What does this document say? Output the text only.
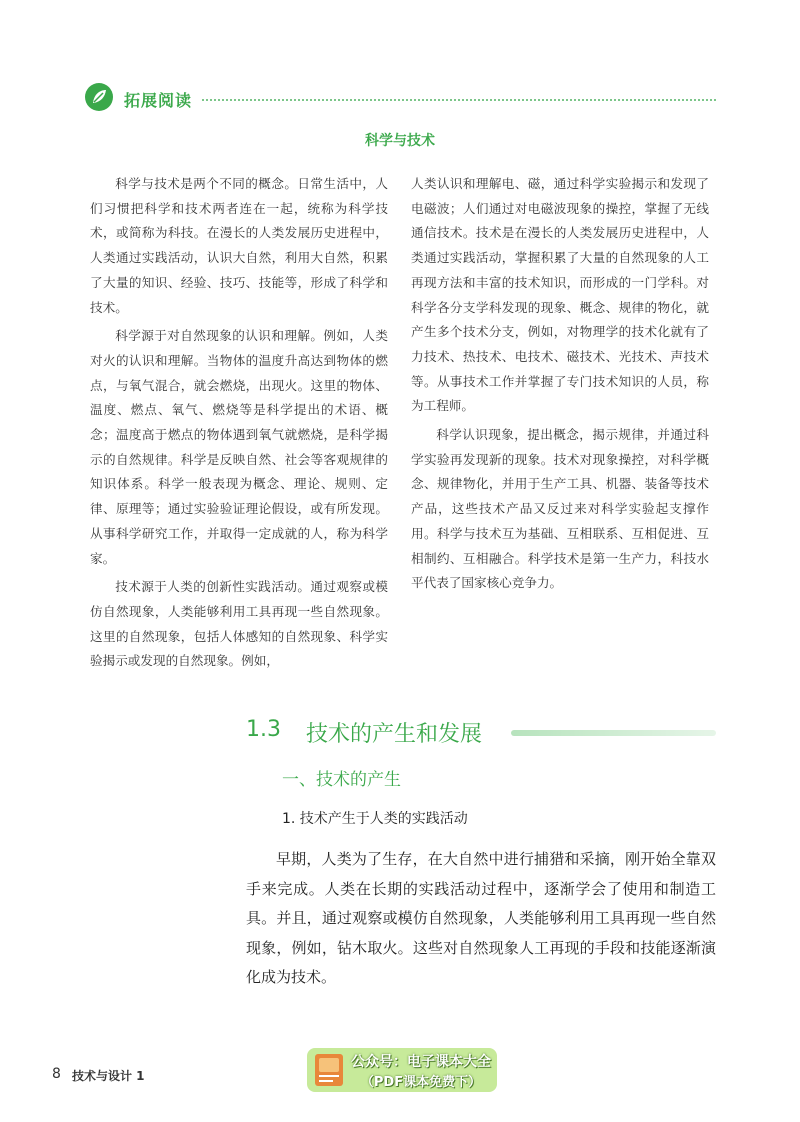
拓展阅读
科学与技术

科学与技术是两个不同的概念。日常生活中，人们习惯把科学和技术两者连在一起，统称为科学技术，或简称为科技。在漫长的人类发展历史进程中，人类通过实践活动，认识大自然，利用大自然，积累了大量的知识、经验、技巧、技能等，形成了科学和技术。

科学源于对自然现象的认识和理解。例如，人类对火的认识和理解。当物体的温度升高达到物体的燃点，与氧气混合，就会燃烧，出现火。这里的物体、温度、燃点、氧气、燃烧等是科学提出的术语、概念；温度高于燃点的物体遇到氧气就燃烧，是科学揭示的自然规律。科学是反映自然、社会等客观规律的知识体系。科学一般表现为概念、理论、规则、定律、原理等；通过实验验证理论假设，或有所发现。从事科学研究工作，并取得一定成就的人，称为科学家。

技术源于人类的创新性实践活动。通过观察或模仿自然现象，人类能够利用工具再现一些自然现象。这里的自然现象，包括人体感知的自然现象、科学实验揭示或发现的自然现象。例如，

人类认识和理解电、磁，通过科学实验揭示和发现了电磁波；人们通过对电磁波现象的操控，掌握了无线通信技术。技术是在漫长的人类发展历史进程中，人类通过实践活动，掌握积累了大量的自然现象的人工再现方法和丰富的技术知识，而形成的一门学科。对科学各分支学科发现的现象、概念、规律的物化，就产生多个技术分支，例如，对物理学的技术化就有了力技术、热技术、电技术、磁技术、光技术、声技术等。从事技术工作并掌握了专门技术知识的人员，称为工程师。

科学认识现象，提出概念，揭示规律，并通过科学实验再发现新的现象。技术对现象操控，对科学概念、规律物化，并用于生产工具、机器、装备等技术产品，这些技术产品又反过来对科学实验起支撑作用。科学与技术互为基础、互相联系、互相促进、互相制约、互相融合。科学技术是第一生产力，科技水平代表了国家核心竞争力。

1.3 技术的产生和发展
一、技术的产生
1. 技术产生于人类的实践活动

早期，人类为了生存，在大自然中进行捕猎和采摘，刚开始全靠双手来完成。人类在长期的实践活动过程中，逐渐学会了使用和制造工具。并且，通过观察或模仿自然现象，人类能够利用工具再现一些自然现象，例如，钻木取火。这些对自然现象人工再现的手段和技能逐渐演化成为技术。

8 技术与设计 1
公众号：电子课本大全
（PDF课本免费下）
